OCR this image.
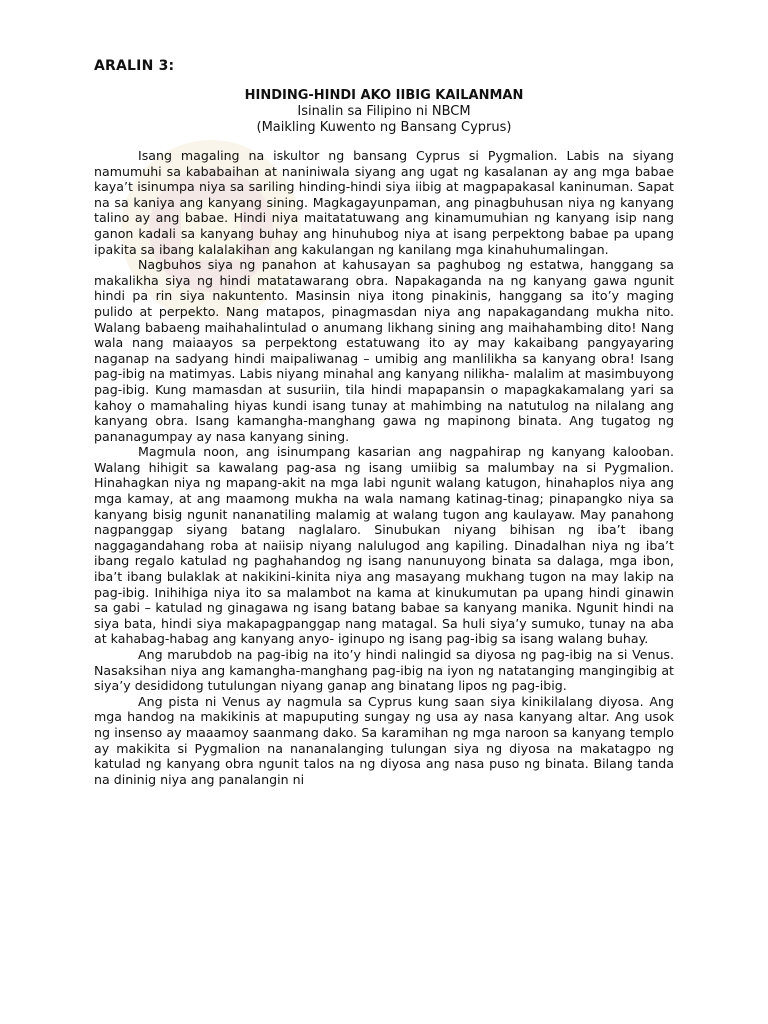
ARALIN 3:
HINDING-HINDI AKO IIBIG KAILANMAN
Isinalin sa Filipino ni NBCM
(Maikling Kuwento ng Bansang Cyprus)

Isang magaling na iskultor ng bansang Cyprus si Pygmalion. Labis na siyang namumuhi sa kababaihan at naniniwala siyang ang ugat ng kasalanan ay ang mga babae kaya’t isinumpa niya sa sariling hinding-hindi siya iibig at magpapakasal kaninuman. Sapat na sa kaniya ang kanyang sining. Magkagayunpaman, ang pinagbuhusan niya ng kanyang talino ay ang babae. Hindi niya maitatatuwang ang kinamumuhian ng kanyang isip nang ganon kadali sa kanyang buhay ang hinuhubog niya at isang perpektong babae pa upang ipakita sa ibang kalalakihan ang kakulangan ng kanilang mga kinahuhumalingan.

Nagbuhos siya ng panahon at kahusayan sa paghubog ng estatwa, hanggang sa makalikha siya ng hindi matatawarang obra. Napakaganda na ng kanyang gawa ngunit hindi pa rin siya nakuntento. Masinsin niya itong pinakinis, hanggang sa ito’y maging pulido at perpekto. Nang matapos, pinagmasdan niya ang napakagandang mukha nito. Walang babaeng maihahalintulad o anumang likhang sining ang maihahambing dito! Nang wala nang maiaayos sa perpektong estatuwang ito ay may kakaibang pangyayaring naganap na sadyang hindi maipaliwanag – umibig ang manlilikha sa kanyang obra! Isang pag-ibig na matimyas. Labis niyang minahal ang kanyang nilikha- malalim at masimbuyong pag-ibig. Kung mamasdan at susuriin, tila hindi mapapansin o mapagkakamalang yari sa kahoy o mamahaling hiyas kundi isang tunay at mahimbing na natutulog na nilalang ang kanyang obra. Isang kamangha-manghang gawa ng mapinong binata. Ang tugatog ng pananagumpay ay nasa kanyang sining.

Magmula noon, ang isinumpang kasarian ang nagpahirap ng kanyang kalooban. Walang hihigit sa kawalang pag-asa ng isang umiibig sa malumbay na si Pygmalion. Hinahagkan niya ng mapang-akit na mga labi ngunit walang katugon, hinahaplos niya ang mga kamay, at ang maamong mukha na wala namang katinag-tinag; pinapangko niya sa kanyang bisig ngunit nananatiling malamig at walang tugon ang kaulayaw. May panahong nagpanggap siyang batang naglalaro. Sinubukan niyang bihisan ng iba’t ibang naggagandahang roba at naiisip niyang nalulugod ang kapiling. Dinadalhan niya ng iba’t ibang regalo katulad ng paghahandog ng isang nanunuyong binata sa dalaga, mga ibon, iba’t ibang bulaklak at nakikini-kinita niya ang masayang mukhang tugon na may lakip na pag-ibig. Inihihiga niya ito sa malambot na kama at kinukumutan pa upang hindi ginawin sa gabi – katulad ng ginagawa ng isang batang babae sa kanyang manika. Ngunit hindi na siya bata, hindi siya makapagpanggap nang matagal. Sa huli siya’y sumuko, tunay na aba at kahabag-habag ang kanyang anyo- iginupo ng isang pag-ibig sa isang walang buhay.

Ang marubdob na pag-ibig na ito’y hindi nalingid sa diyosa ng pag-ibig na si Venus. Nasaksihan niya ang kamangha-manghang pag-ibig na iyon ng natatanging mangingibig at siya’y desididong tutulungan niyang ganap ang binatang lipos ng pag-ibig.

Ang pista ni Venus ay nagmula sa Cyprus kung saan siya kinikilalang diyosa. Ang mga handog na makikinis at mapuputing sungay ng usa ay nasa kanyang altar. Ang usok ng insenso ay maaamoy saanmang dako. Sa karamihan ng mga naroon sa kanyang templo ay makikita si Pygmalion na nananalanging tulungan siya ng diyosa na makatagpo ng katulad ng kanyang obra ngunit talos na ng diyosa ang nasa puso ng binata. Bilang tanda na dininig niya ang panalangin ni
